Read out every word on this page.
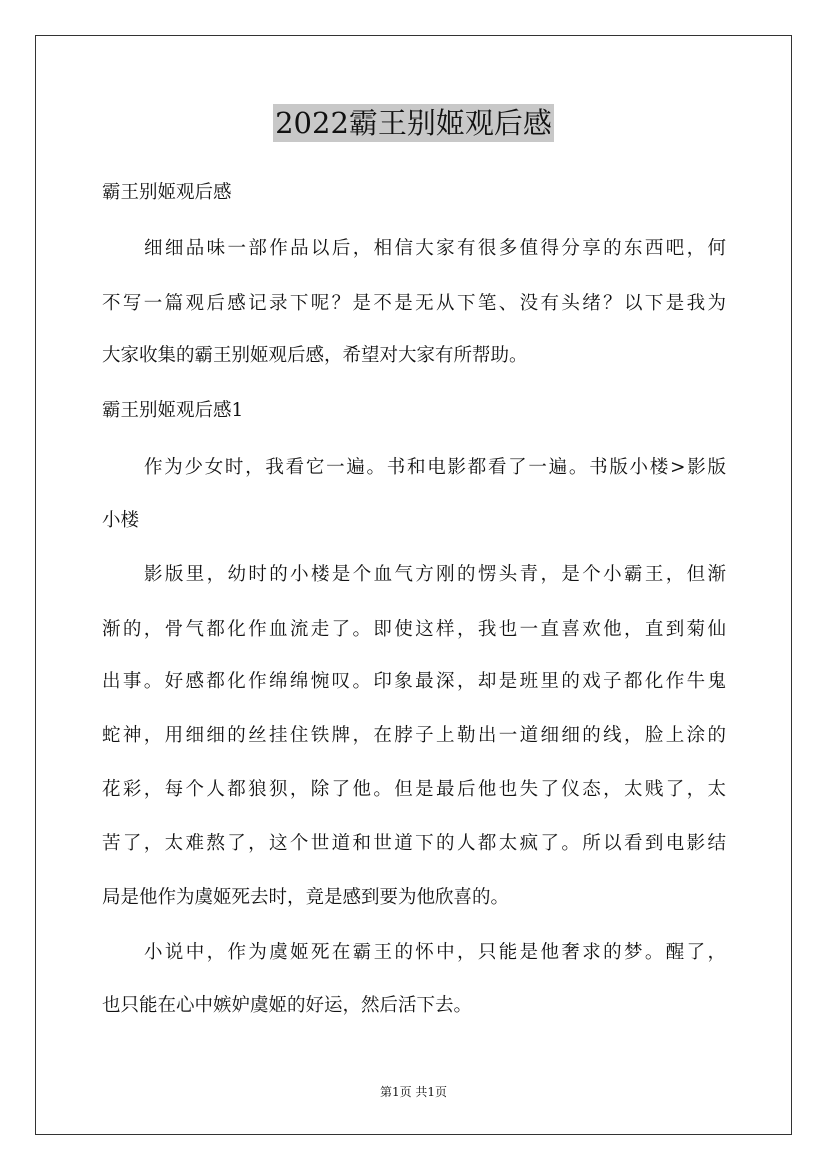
2022霸王别姬观后感
霸王别姬观后感
细细品味一部作品以后，相信大家有很多值得分享的东西吧，何
不写一篇观后感记录下呢？是不是无从下笔、没有头绪？以下是我为
大家收集的霸王别姬观后感，希望对大家有所帮助。
霸王别姬观后感1
作为少女时，我看它一遍。书和电影都看了一遍。书版小楼>影版
小楼
影版里，幼时的小楼是个血气方刚的愣头青，是个小霸王，但渐
渐的，骨气都化作血流走了。即使这样，我也一直喜欢他，直到菊仙
出事。好感都化作绵绵惋叹。印象最深，却是班里的戏子都化作牛鬼
蛇神，用细细的丝挂住铁牌，在脖子上勒出一道细细的线，脸上涂的
花彩，每个人都狼狈，除了他。但是最后他也失了仪态，太贱了，太
苦了，太难熬了，这个世道和世道下的人都太疯了。所以看到电影结
局是他作为虞姬死去时，竟是感到要为他欣喜的。
小说中，作为虞姬死在霸王的怀中，只能是他奢求的梦。醒了，
也只能在心中嫉妒虞姬的好运，然后活下去。
第1页 共1页
